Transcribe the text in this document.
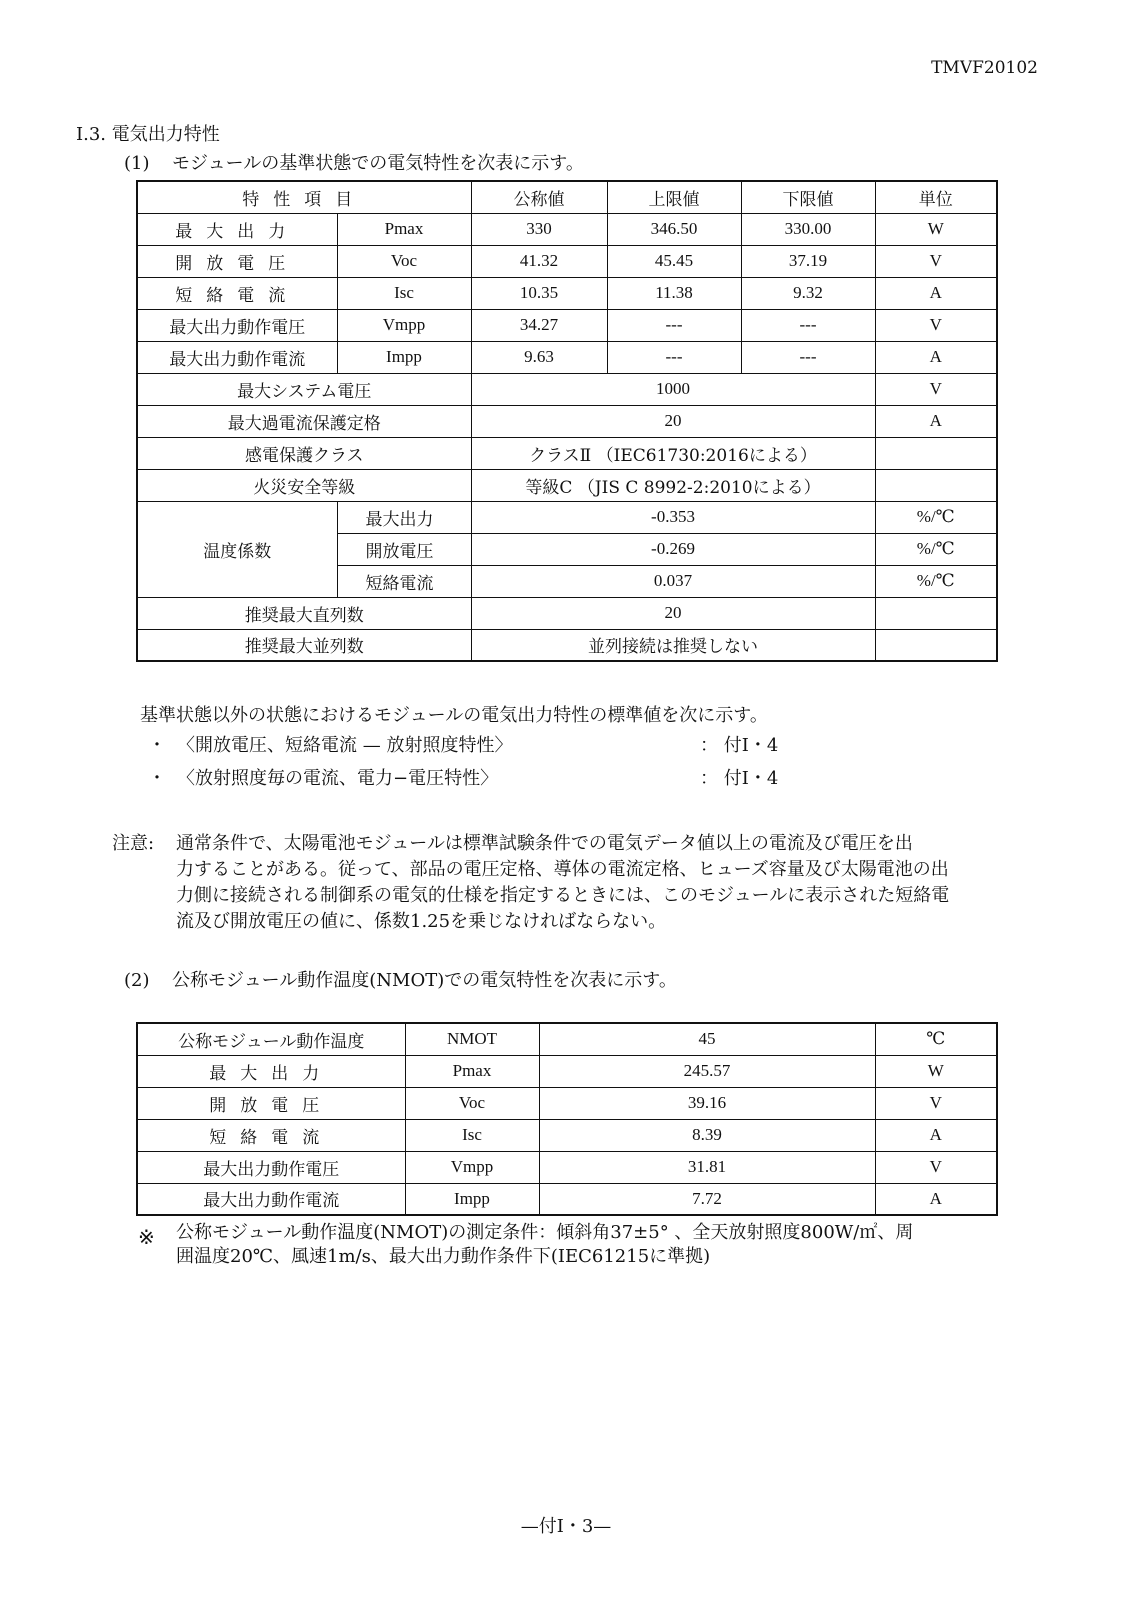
TMVF20102
Ⅰ.3. 電気出力特性
(1) モジュールの基準状態での電気特性を次表に示す。
特性項目		公称値	上限値	下限値	単位
最大出力	Pmax	330	346.50	330.00	W
開放電圧	Voc	41.32	45.45	37.19	V
短絡電流	Isc	10.35	11.38	9.32	A
最大出力動作電圧	Vmpp	34.27	---	---	V
最大出力動作電流	Impp	9.63	---	---	A
最大システム電圧		1000			V
最大過電流保護定格		20			A
感電保護クラス		クラスⅡ （IEC61730:2016による）			
火災安全等級		等級C （JIS C 8992-2:2010による）			
温度係数	最大出力	-0.353			%/℃
	開放電圧	-0.269			%/℃
	短絡電流	0.037			%/℃
推奨最大直列数		20			
推奨最大並列数		並列接続は推奨しない			
基準状態以外の状態におけるモジュールの電気出力特性の標準値を次に示す。
・ 〈開放電圧、短絡電流 — 放射照度特性〉	： 付Ⅰ・4
・ 〈放射照度毎の電流、電力−電圧特性〉	： 付Ⅰ・4
注意: 通常条件で、太陽電池モジュールは標準試験条件での電気データ値以上の電流及び電圧を出
力することがある。従って、部品の電圧定格、導体の電流定格、ヒューズ容量及び太陽電池の出
力側に接続される制御系の電気的仕様を指定するときには、このモジュールに表示された短絡電
流及び開放電圧の値に、係数1.25を乗じなければならない。
(2) 公称モジュール動作温度(NMOT)での電気特性を次表に示す。
公称モジュール動作温度	NMOT	45	℃
最大出力	Pmax	245.57	W
開放電圧	Voc	39.16	V
短絡電流	Isc	8.39	A
最大出力動作電圧	Vmpp	31.81	V
最大出力動作電流	Impp	7.72	A
※ 公称モジュール動作温度(NMOT)の測定条件：傾斜角37±5° 、全天放射照度800W/㎡、周
囲温度20℃、風速1m/s、最大出力動作条件下(IEC61215に準拠)
—付Ⅰ・3—
